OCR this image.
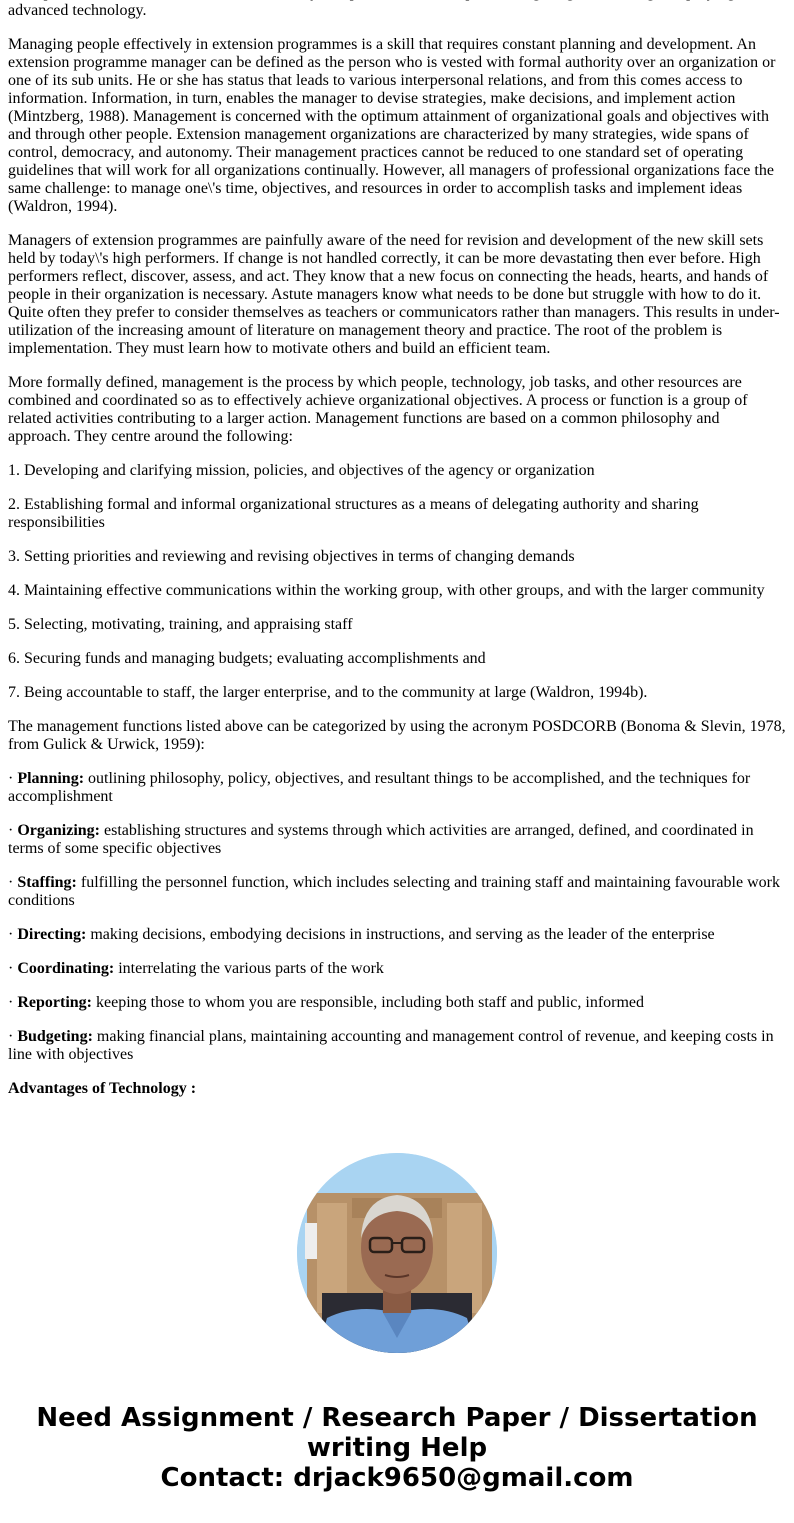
advanced technology.

Managing people effectively in extension programmes is a skill that requires constant planning and development. An extension programme manager can be defined as the person who is vested with formal authority over an organization or one of its sub units. He or she has status that leads to various interpersonal relations, and from this comes access to information. Information, in turn, enables the manager to devise strategies, make decisions, and implement action (Mintzberg, 1988). Management is concerned with the optimum attainment of organizational goals and objectives with and through other people. Extension management organizations are characterized by many strategies, wide spans of control, democracy, and autonomy. Their management practices cannot be reduced to one standard set of operating guidelines that will work for all organizations continually. However, all managers of professional organizations face the same challenge: to manage one\'s time, objectives, and resources in order to accomplish tasks and implement ideas (Waldron, 1994).

Managers of extension programmes are painfully aware of the need for revision and development of the new skill sets held by today\'s high performers. If change is not handled correctly, it can be more devastating then ever before. High performers reflect, discover, assess, and act. They know that a new focus on connecting the heads, hearts, and hands of people in their organization is necessary. Astute managers know what needs to be done but struggle with how to do it. Quite often they prefer to consider themselves as teachers or communicators rather than managers. This results in under-utilization of the increasing amount of literature on management theory and practice. The root of the problem is implementation. They must learn how to motivate others and build an efficient team.

More formally defined, management is the process by which people, technology, job tasks, and other resources are combined and coordinated so as to effectively achieve organizational objectives. A process or function is a group of related activities contributing to a larger action. Management functions are based on a common philosophy and approach. They centre around the following:

1. Developing and clarifying mission, policies, and objectives of the agency or organization

2. Establishing formal and informal organizational structures as a means of delegating authority and sharing responsibilities

3. Setting priorities and reviewing and revising objectives in terms of changing demands

4. Maintaining effective communications within the working group, with other groups, and with the larger community

5. Selecting, motivating, training, and appraising staff

6. Securing funds and managing budgets; evaluating accomplishments and

7. Being accountable to staff, the larger enterprise, and to the community at large (Waldron, 1994b).

The management functions listed above can be categorized by using the acronym POSDCORB (Bonoma & Slevin, 1978, from Gulick & Urwick, 1959):

· Planning: outlining philosophy, policy, objectives, and resultant things to be accomplished, and the techniques for accomplishment

· Organizing: establishing structures and systems through which activities are arranged, defined, and coordinated in terms of some specific objectives

· Staffing: fulfilling the personnel function, which includes selecting and training staff and maintaining favourable work conditions

· Directing: making decisions, embodying decisions in instructions, and serving as the leader of the enterprise

· Coordinating: interrelating the various parts of the work

· Reporting: keeping those to whom you are responsible, including both staff and public, informed

· Budgeting: making financial plans, maintaining accounting and management control of revenue, and keeping costs in line with objectives

Advantages of Technology :

Need Assignment / Research Paper / Dissertation writing Help
Contact: drjack9650@gmail.com
